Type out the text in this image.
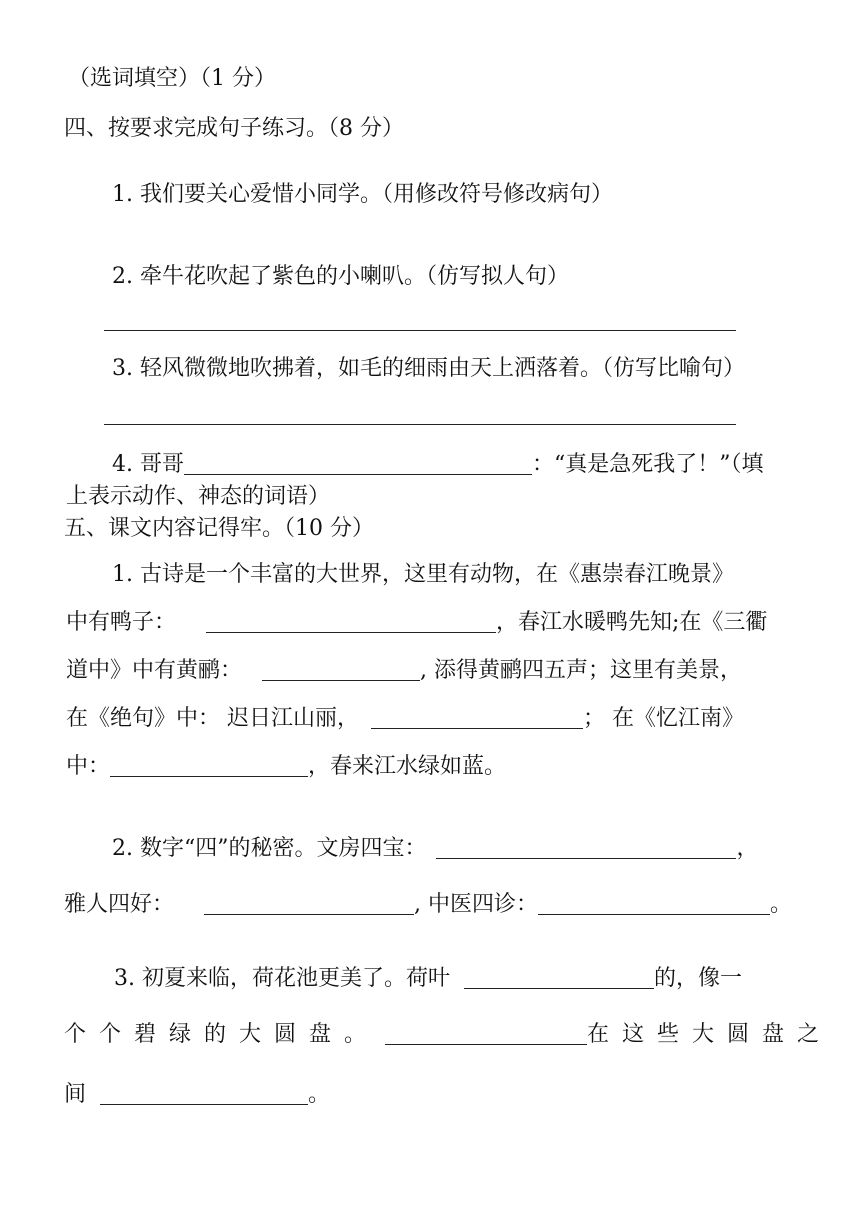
（选词填空）（1 分）
四、按要求完成句子练习。（8 分）
1. 我们要关心爱惜小同学。（用修改符号修改病句）
2. 牵牛花吹起了紫色的小喇叭。（仿写拟人句）
3. 轻风微微地吹拂着，如毛的细雨由天上洒落着。（仿写比喻句）
4. 哥哥	：“真是急死我了！”（填
上表示动作、神态的词语）
五、课文内容记得牢。（10 分）
1. 古诗是一个丰富的大世界，这里有动物，在《惠崇春江晚景》
中有鸭子：	，春江水暖鸭先知;在《三衢
道中》中有黄鹂：	, 添得黄鹂四五声；这里有美景，
在《绝句》中： 迟日江山丽，	； 在《忆江南》
中：	，春来江水绿如蓝。
2. 数字“四”的秘密。文房四宝：	，
雅人四好：	, 中医四诊：	。
3. 初夏来临，荷花池更美了。荷叶	的，像一
个个碧绿的大圆盘。	在这些大圆盘之
间	。
